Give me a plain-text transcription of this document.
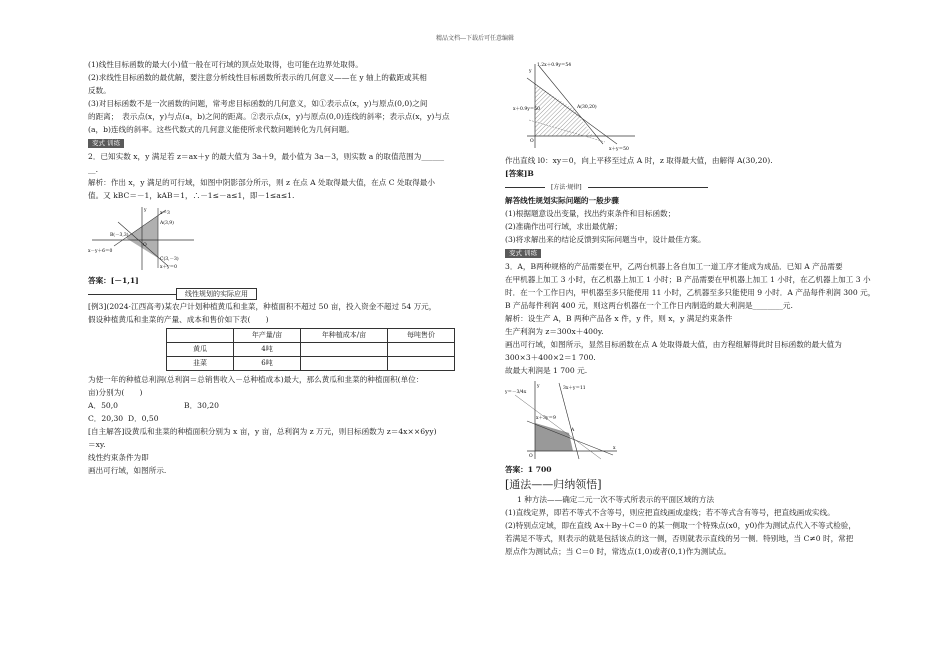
精品文档---下载后可任意编辑

(1)线性目标函数的最大(小)值一般在可行域的顶点处取得，也可能在边界处取得。

(2)求线性目标函数的最优解，要注意分析线性目标函数所表示的几何意义——在 y 轴上的截距或其相

反数。

(3)对目标函数不是一次函数的问题，常考虑目标函数的几何意义，如①表示点(x，y)与原点(0,0)之间

的距离；　表示点(x，y)与点(a，b)之间的距离。②表示点(x，y)与原点(0,0)连线的斜率；表示点(x，y)与点

(a，b)连线的斜率。这些代数式的几何意义能使所求代数问题转化为几何问题。

变式 训练

2．已知实数 x，y 满足若 z＝ax＋y 的最大值为 3a＋9，最小值为 3a－3，则实数 a 的取值范围为______

__.

解析：作出 x，y 满足的可行域，如图中阴影部分所示，则 z 在点 A 处取得最大值，在点 C 处取得最小

值。又 kBC＝－1，kAB＝1，∴－1≤－a≤1，即－1≤a≤1.

y
x＝3
A(3,9)
B(－3,3)
x－y＋6＝0
O
C(3,－3)
x＋y＝0

答案：[－1,1]

线性规划的实际应用

[例3](2024·江西高考)某农户计划种植黄瓜和韭菜，种植面积不超过 50 亩，投入资金不超过 54 万元，

假设种植黄瓜和韭菜的产量、成本和售价如下表(　　)

	年产量/亩	年种植成本/亩	每吨售价
黄瓜	4吨		
韭菜	6吨		

为使一年的种植总利润(总利润＝总销售收入－总种植成本)最大，那么黄瓜和韭菜的种植面积(单位：

亩)分别为(　　)

A．50,0	B．30,20

C．20,30 D．0,50

[自主解答]设黄瓜和韭菜的种植面积分别为 x 亩，y 亩，总利润为 z 万元，则目标函数为 z＝4x××6yy)

＝xy.

线性约束条件为即

画出可行域，如图所示.

1.2x＋0.9y＝54
y
x＋0.9y＝50	A(30,20)
O
x＋y＝50

作出直线 l0：xy＝0，向上平移至过点 A 时，z 取得最大值，由解得 A(30,20).

[答案]B

[方法·规律]

解答线性规划实际问题的一般步骤

(1)根据题意设出变量，找出约束条件和目标函数；

(2)准确作出可行域，求出最优解；

(3)将求解出来的结论反馈到实际问题当中，设计最佳方案。

变式 训练

3．A，B两种规格的产品需要在甲，乙两台机器上各自加工一道工序才能成为成品．已知 A 产品需要

在甲机器上加工 3 小时，在乙机器上加工 1 小时；B 产品需要在甲机器上加工 1 小时，在乙机器上加工 3 小

时．在一个工作日内，甲机器至多只能使用 11 小时，乙机器至多只能使用 9 小时．A 产品每件利润 300 元，

B 产品每件利润 400 元，则这两台机器在一个工作日内制造的最大利润是________元.

解析：设生产 A，B 两种产品各 x 件，y 件，则 x，y 满足约束条件

生产利润为 z＝300x＋400y.

画出可行域，如图所示，显然目标函数在点 A 处取得最大值，由方程组解得此时目标函数的最大值为

300×3＋400×2＝1 700.

故最大利润是 1 700 元.

y	3x＋y＝11
y＝－3/4x
x＋3y＝9
A
O
x

答案：1 700

[通法——归纳领悟]

1 种方法——确定二元一次不等式所表示的平面区域的方法

(1)直线定界，即若不等式不含等号，则应把直线画成虚线；若不等式含有等号，把直线画成实线。

(2)特别点定域，即在直线 Ax＋By＋C＝0 的某一侧取一个特殊点(x0，y0)作为测试点代入不等式检验，

若满足不等式，则表示的就是包括该点的这一侧，否则就表示直线的另一侧．特别地，当 C≠0 时，常把

原点作为测试点；当 C＝0 时，常选点(1,0)或者(0,1)作为测试点。
